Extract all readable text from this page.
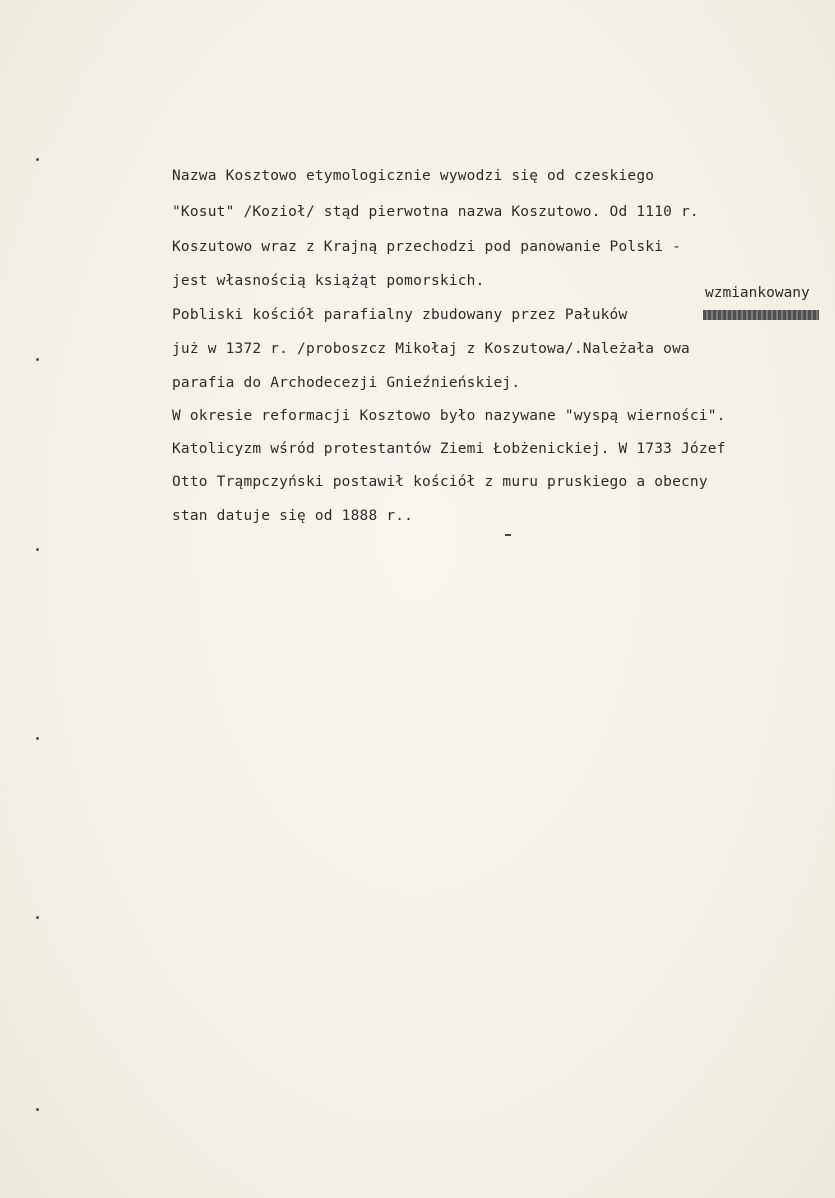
Nazwa Kosztowo etymologicznie wywodzi się od czeskiego
"Kosut" /Kozioł/ stąd pierwotna nazwa Koszutowo. Od 1110 r.
Koszutowo wraz z Krajną przechodzi pod panowanie Polski -
jest własnością książąt pomorskich.
wzmiankowany
Pobliski kościół parafialny zbudowany przez Pałuków
już w 1372 r. /proboszcz Mikołaj z Koszutowa/.Należała owa
parafia do Archodecezji Gnieźnieńskiej.
W okresie reformacji Kosztowo było nazywane "wyspą wierności".
Katolicyzm wśród protestantów Ziemi Łobżenickiej. W 1733 Józef
Otto Trąmpczyński postawił kościół z muru pruskiego a obecny
stan datuje się od 1888 r..
